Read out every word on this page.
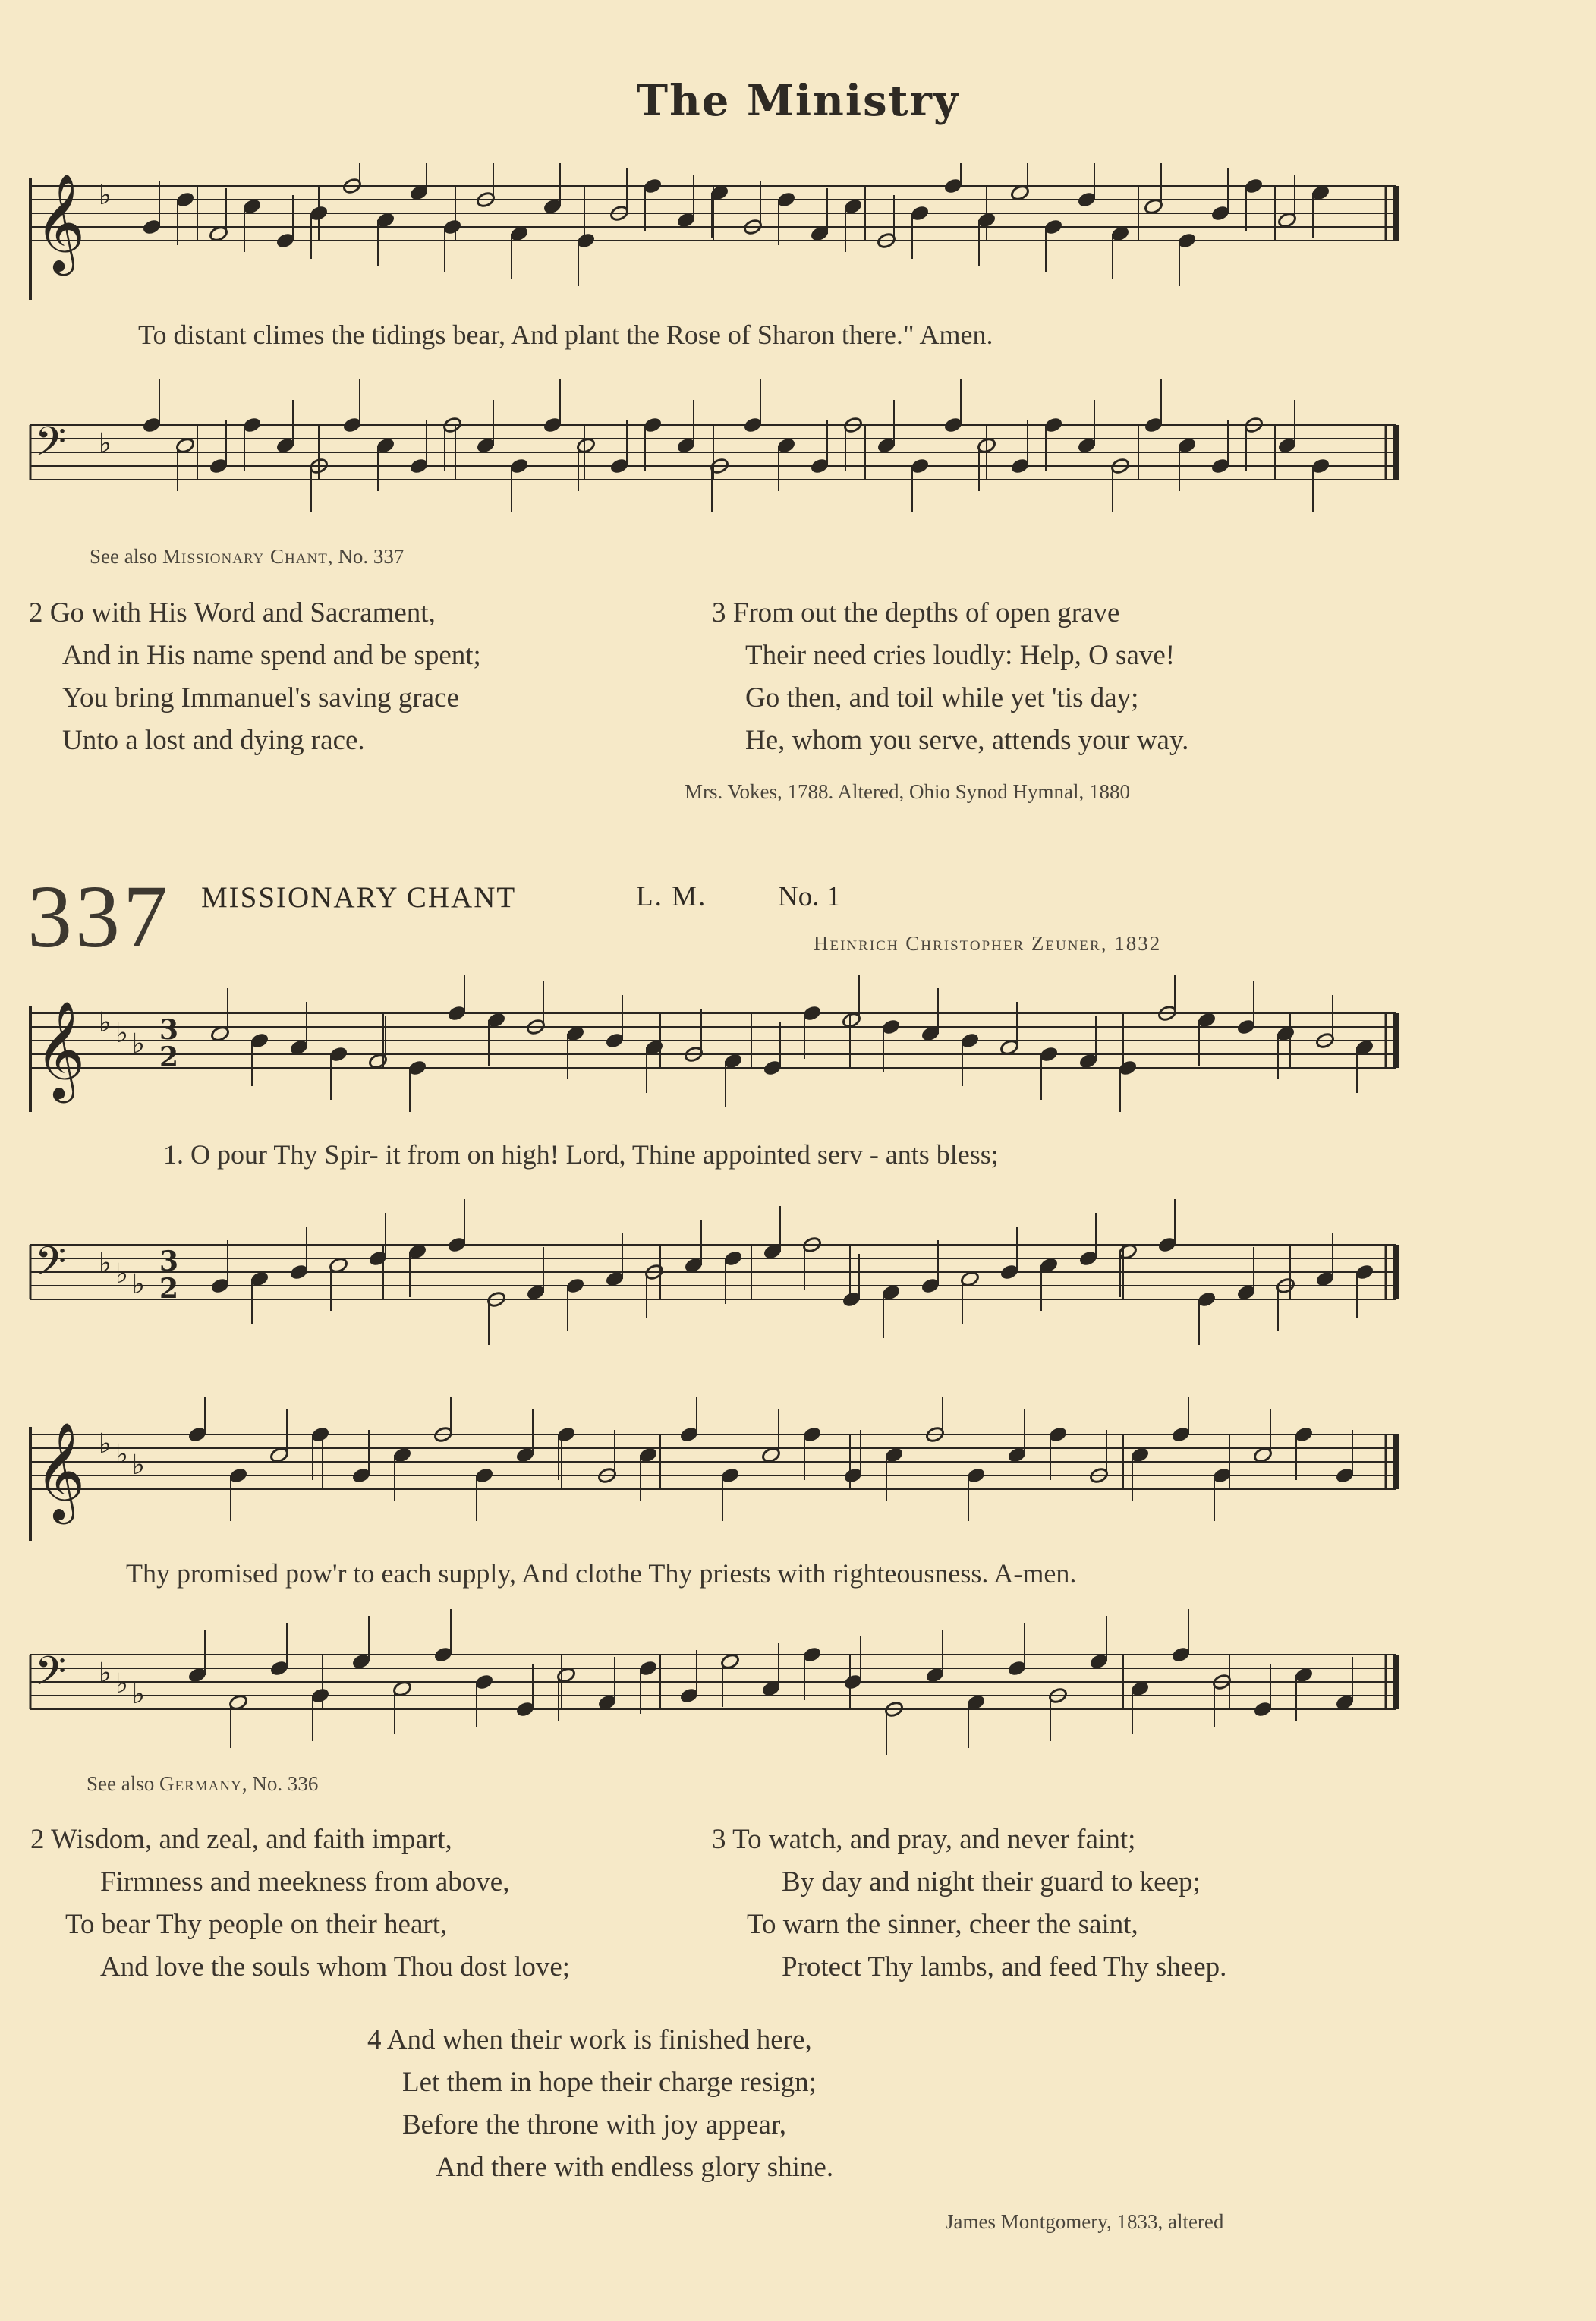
The Ministry
𝄞 ♭
To distant climes the tidings bear, And plant the Rose of Sharon there." Amen.
𝄢 ♭
See also Missionary Chant, No. 337
2 Go with His Word and Sacrament,
And in His name spend and be spent;
You bring Immanuel's saving grace
Unto a lost and dying race.
3 From out the depths of open grave
Their need cries loudly: Help, O save!
Go then, and toil while yet 'tis day;
He, whom you serve, attends your way.
Mrs. Vokes, 1788. Altered, Ohio Synod Hymnal, 1880
337 MISSIONARY CHANT	L. M.	No. 1
Heinrich Christopher Zeuner, 1832
𝄞 ♭ ♭ ♭ 3
2
1. O pour Thy Spir- it from on high! Lord, Thine appointed serv - ants bless;
𝄢 ♭ ♭ ♭
3
2
𝄞 ♭ ♭ ♭
Thy promised pow'r to each supply, And clothe Thy priests with righteousness. A-men.
𝄢 ♭ ♭ ♭
See also Germany, No. 336
2 Wisdom, and zeal, and faith impart,
Firmness and meekness from above,
To bear Thy people on their heart,
And love the souls whom Thou dost love;
3 To watch, and pray, and never faint;
By day and night their guard to keep;
To warn the sinner, cheer the saint,
Protect Thy lambs, and feed Thy sheep.
4 And when their work is finished here,
Let them in hope their charge resign;
Before the throne with joy appear,
And there with endless glory shine.
James Montgomery, 1833, altered
